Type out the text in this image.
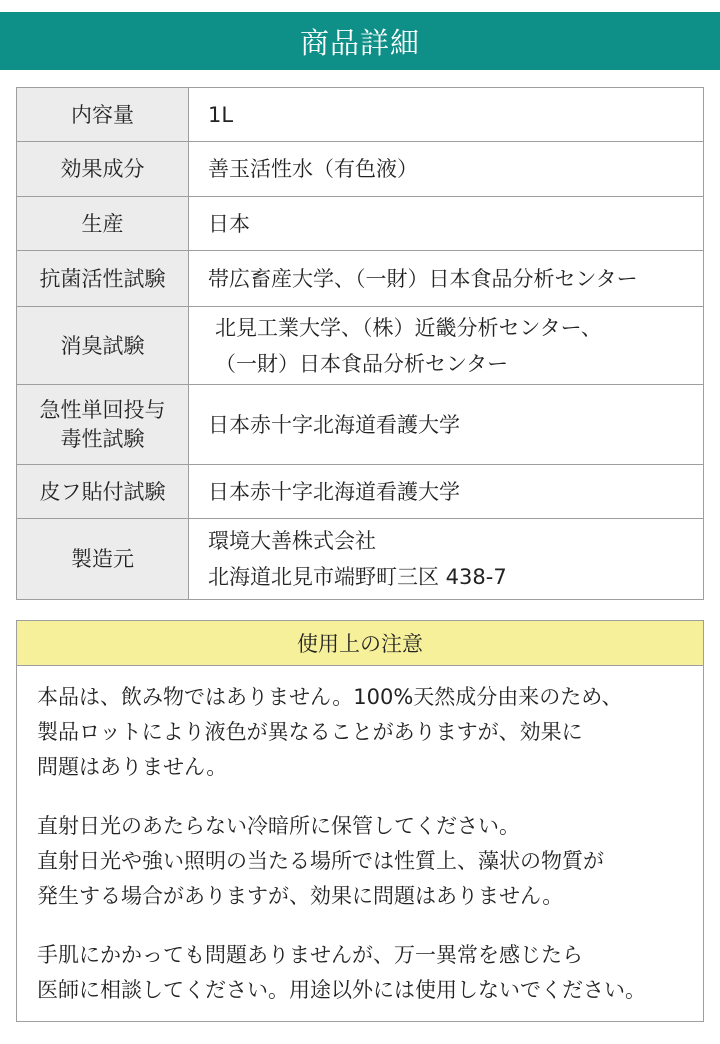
商品詳細
内容量	1L

効果成分	善玉活性水（有色液）

生産	日本

抗菌活性試験	帯広畜産大学、（一財）日本食品分析センター

消臭試験	北見工業大学、（株）近畿分析センター、
（一財）日本食品分析センター

急性単回投与
毒性試験	日本赤十字北海道看護大学

皮フ貼付試験	日本赤十字北海道看護大学

製造元	環境大善株式会社
北海道北見市端野町三区 438-7
使用上の注意
本品は、飲み物ではありません。100%天然成分由来のため、
製品ロットにより液色が異なることがありますが、効果に
問題はありません。
直射日光のあたらない冷暗所に保管してください。
直射日光や強い照明の当たる場所では性質上、藻状の物質が
発生する場合がありますが、効果に問題はありません。
手肌にかかっても問題ありませんが、万一異常を感じたら
医師に相談してください。用途以外には使用しないでください。
